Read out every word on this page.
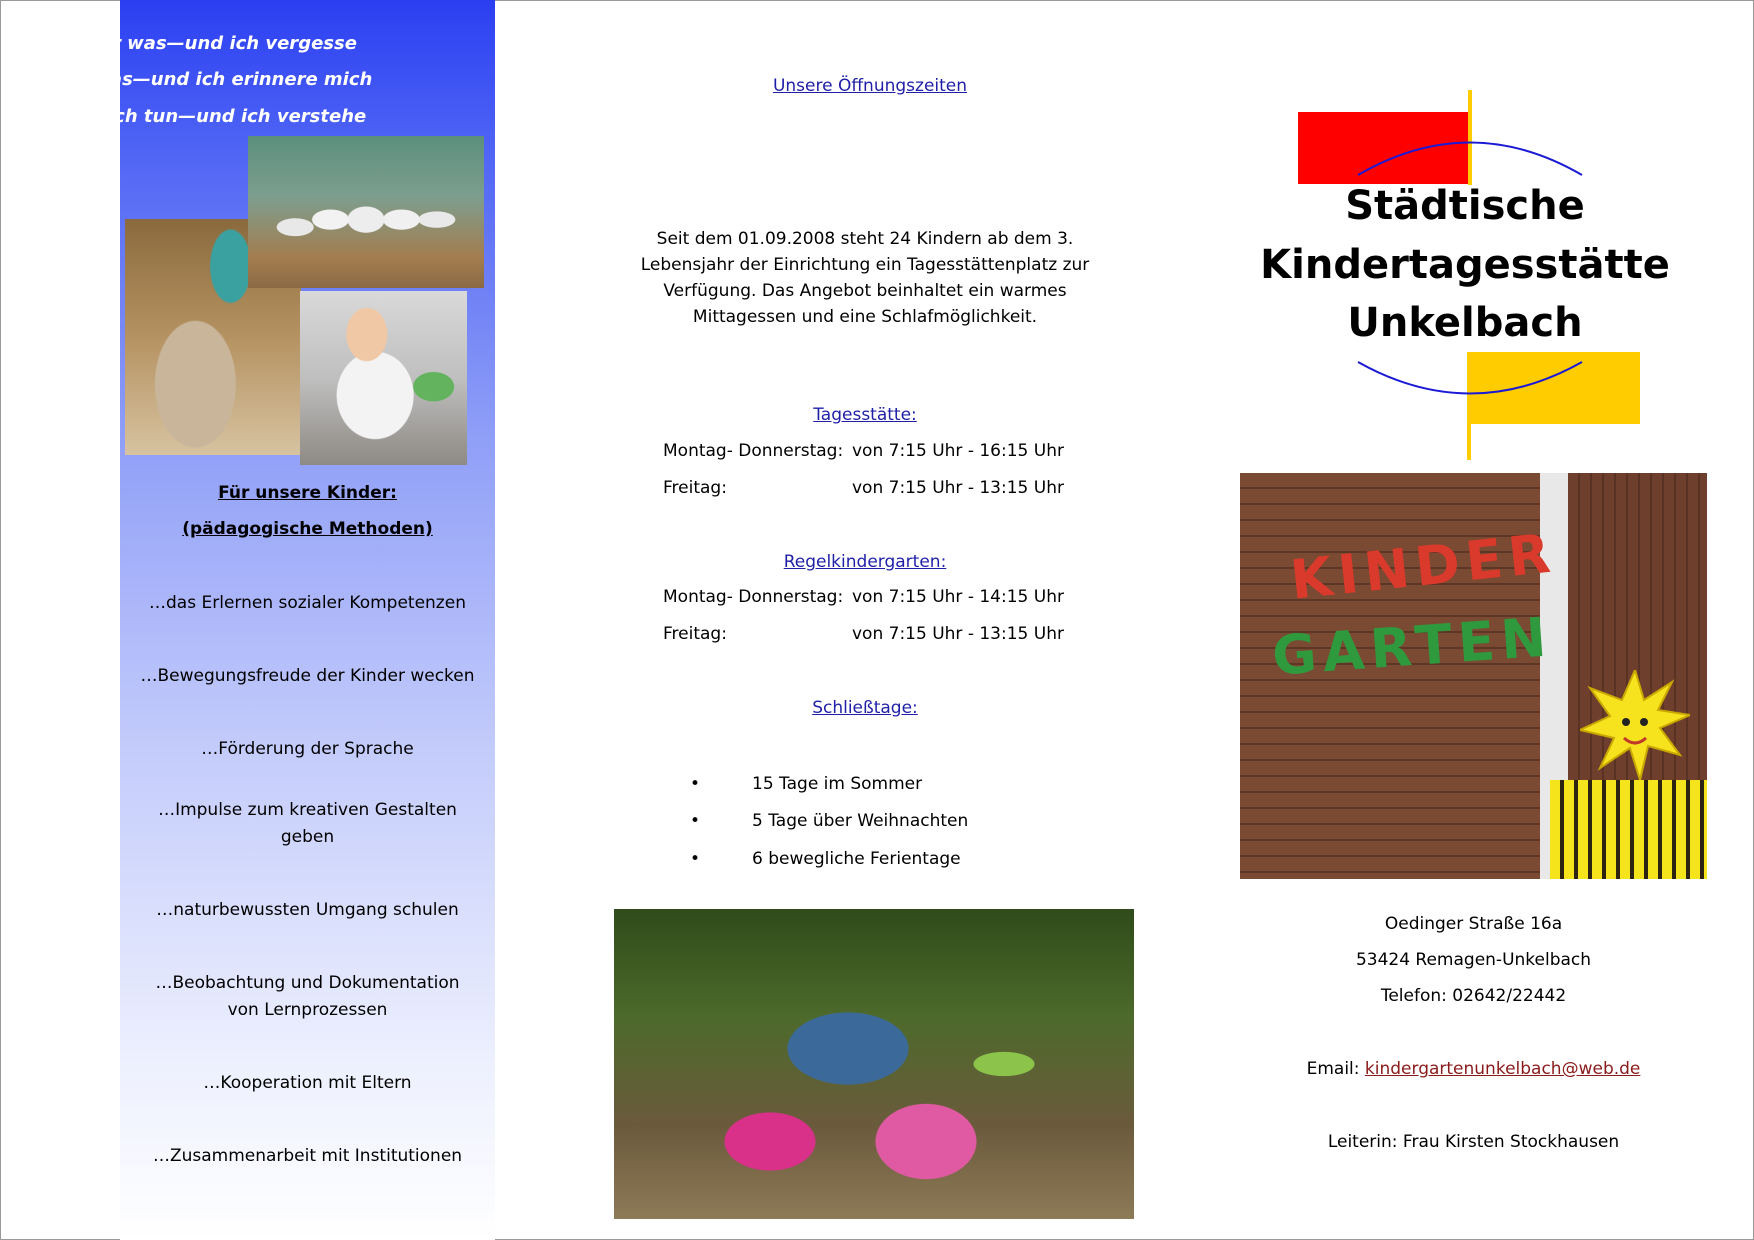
Erzähl mir was—und ich vergesse
Zeig mir was—und ich erinnere mich
Lass es mich tun—und ich verstehe
Für unsere Kinder:
(pädagogische Methoden)
…das Erlernen sozialer Kompetenzen
…Bewegungsfreude der Kinder wecken
…Förderung der Sprache
…Impulse zum kreativen Gestalten geben
…naturbewussten Umgang schulen
…Beobachtung und Dokumentation von Lernprozessen
…Kooperation mit Eltern
…Zusammenarbeit mit Institutionen
Unsere Öffnungszeiten
Seit dem 01.09.2008 steht 24 Kindern ab dem 3. Lebensjahr der Einrichtung ein Tagesstättenplatz zur Verfügung. Das Angebot beinhaltet ein warmes Mittagessen und eine Schlafmöglichkeit.
Tagesstätte:
Montag- Donnerstag: von 7:15 Uhr - 16:15 Uhr
Freitag:	von 7:15 Uhr - 13:15 Uhr
Regelkindergarten:
Montag- Donnerstag: von 7:15 Uhr - 14:15 Uhr
Freitag:	von 7:15 Uhr - 13:15 Uhr
Schließtage:
•	15 Tage im Sommer
•	5 Tage über Weihnachten
•	6 bewegliche Ferientage
Städtische
Kindertagesstätte
Unkelbach
KINDER
GARTEN
Oedinger Straße 16a
53424 Remagen-Unkelbach
Telefon: 02642/22442
Email: kindergartenunkelbach@web.de
Leiterin: Frau Kirsten Stockhausen
